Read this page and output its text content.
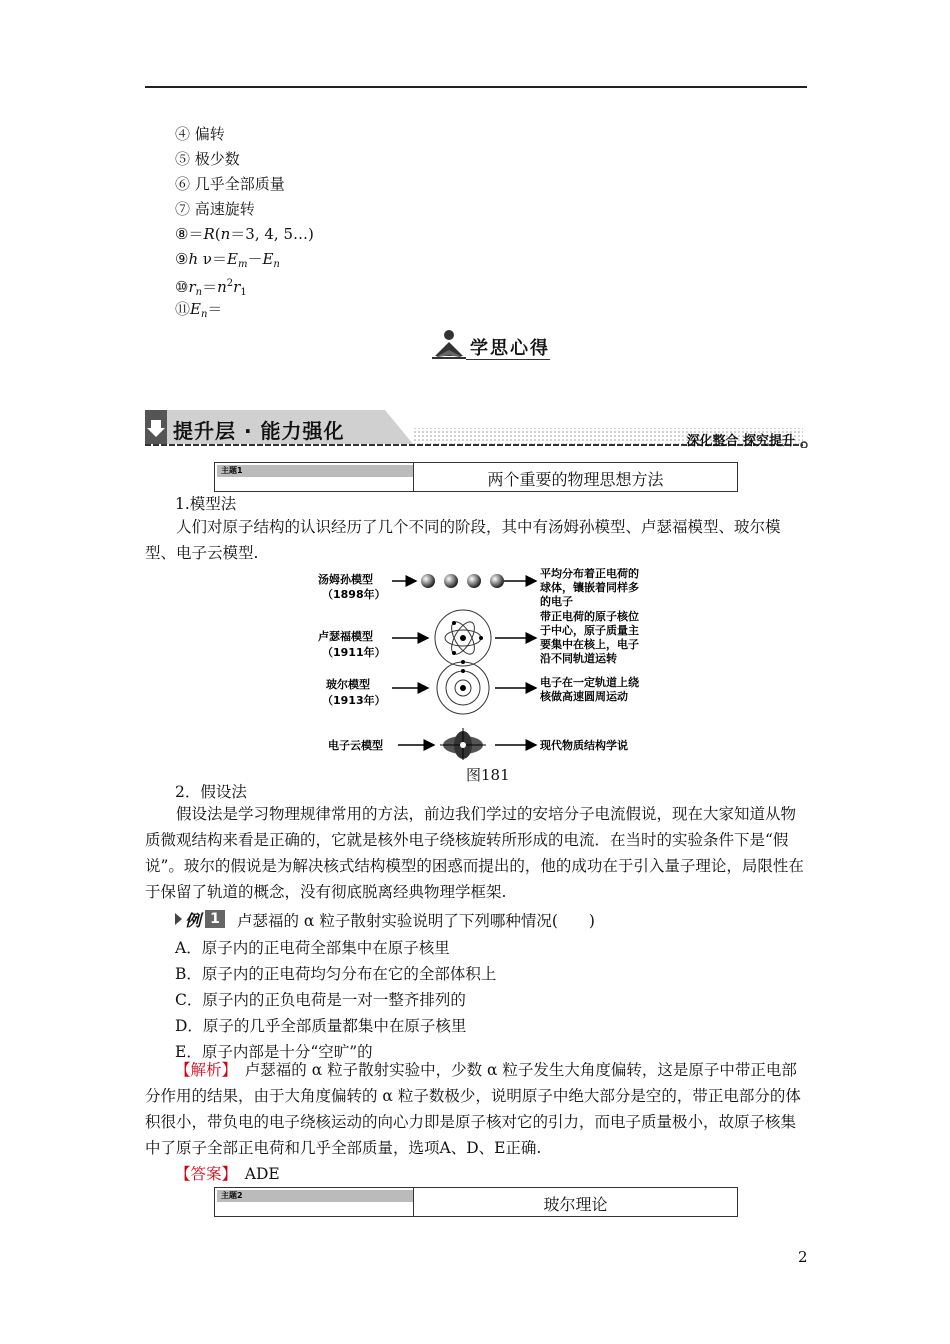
④ 偏转
⑤ 极少数
⑥ 几乎全部质量
⑦ 高速旋转
⑧＝R(n＝3, 4, 5…)
⑨h $\nu=E_m-E_n$
$⑩r_n=n^2r_1$
$⑪E_n=$
学思心得
提升层 · 能力强化	深化整合 探究提升
主题1	两个重要的物理思想方法
1.模型法
人们对原子结构的认识经历了几个不同的阶段，其中有汤姆孙模型、卢瑟福模型、玻尔模型、电子云模型.
汤姆孙模型
（1898年）
平均分布着正电荷的
球体，镶嵌着同样多
的电子
卢瑟福模型
（1911年）
带正电荷的原子核位
于中心，原子质量主
要集中在核上，电子
沿不同轨道运转
玻尔模型
（1913年）
电子在一定轨道上绕
核做高速圆周运动
电子云模型	现代物质结构学说
图181
2．假设法
假设法是学习物理规律常用的方法，前边我们学过的安培分子电流假说，现在大家知道从物质微观结构来看是正确的，它就是核外电子绕核旋转所形成的电流．在当时的实验条件下是“假说”。玻尔的假说是为解决核式结构模型的困惑而提出的，他的成功在于引入量子理论，局限性在于保留了轨道的概念，没有彻底脱离经典物理学框架.
例 1	卢瑟福的 α 粒子散射实验说明了下列哪种情况(　　)
A．原子内的正电荷全部集中在原子核里
B．原子内的正电荷均匀分布在它的全部体积上
C．原子内的正负电荷是一对一整齐排列的
D．原子的几乎全部质量都集中在原子核里
E．原子内部是十分“空旷”的
【解析】　 卢瑟福的 α 粒子散射实验中，少数 α 粒子发生大角度偏转，这是原子中带正电部分作用的结果，由于大角度偏转的 α 粒子数极少，说明原子中绝大部分是空的，带正电部分的体积很小，带负电的电子绕核运动的向心力即是原子核对它的引力，而电子质量极小，故原子核集中了原子全部正电荷和几乎全部质量，选项A、D、E正确.
【答案】　 ADE
主题2	玻尔理论
2
